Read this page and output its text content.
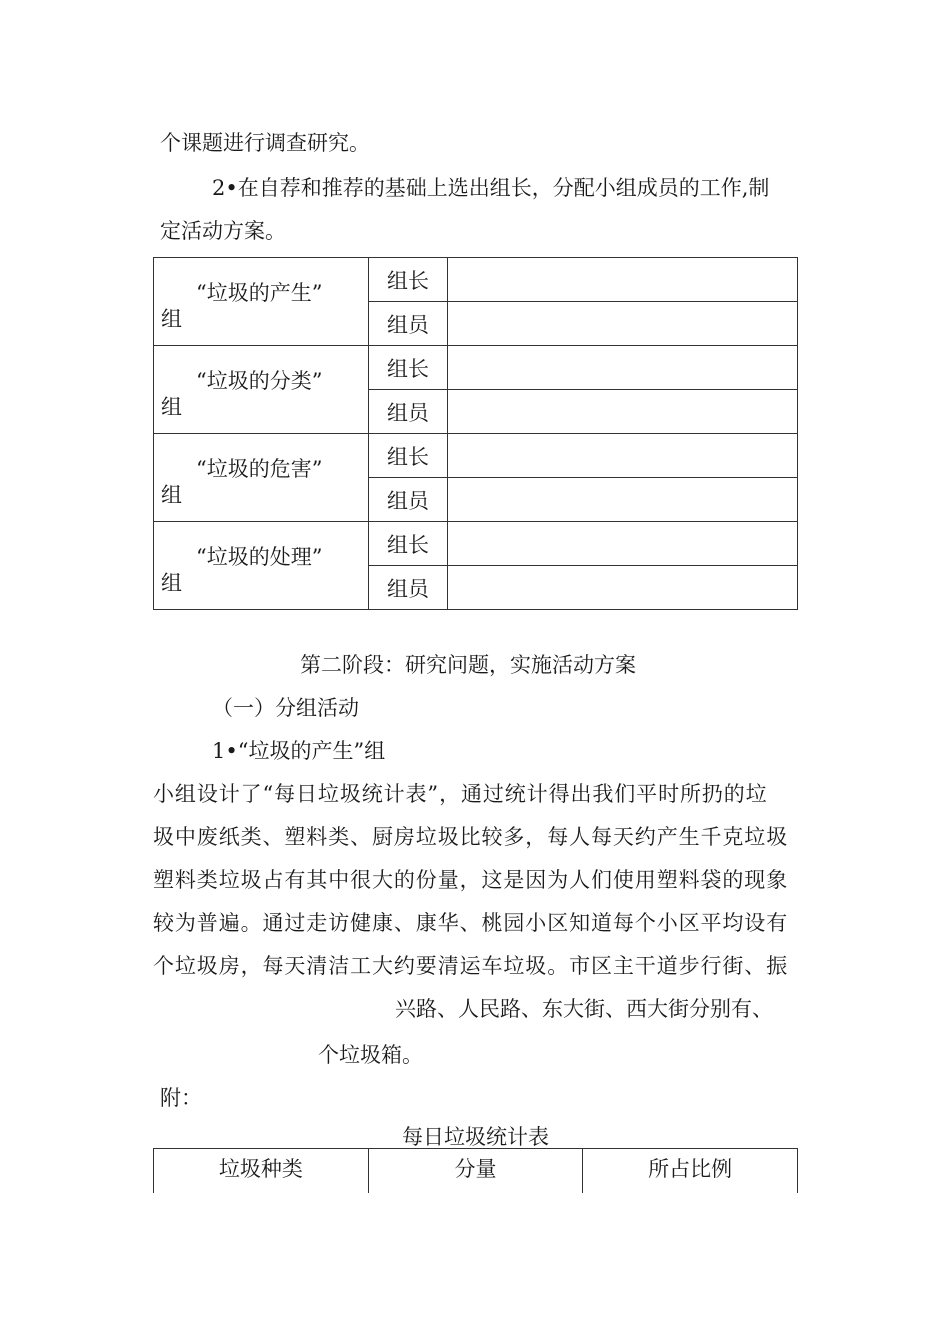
个课题进行调查研究。
2•在自荐和推荐的基础上选出组长，分配小组成员的工作,制
定活动方案。
“垃圾的产生”
组	组长	
	组员	

“垃圾的分类”
组	组长	
	组员	

“垃圾的危害”
组	组长	
	组员	

“垃圾的处理”
组	组长	
	组员	
第二阶段：研究问题，实施活动方案
（一）分组活动
1•“垃圾的产生”组
小组设计了“每日垃圾统计表”，通过统计得出我们平时所扔的垃
圾中废纸类、塑料类、厨房垃圾比较多，每人每天约产生千克垃圾
塑料类垃圾占有其中很大的份量，这是因为人们使用塑料袋的现象
较为普遍。通过走访健康、康华、桃园小区知道每个小区平均设有
个垃圾房，每天清洁工大约要清运车垃圾。市区主干道步行街、振
兴路、人民路、东大街、西大街分别有、
个垃圾箱。
附：
每日垃圾统计表
垃圾种类	分量	所占比例
